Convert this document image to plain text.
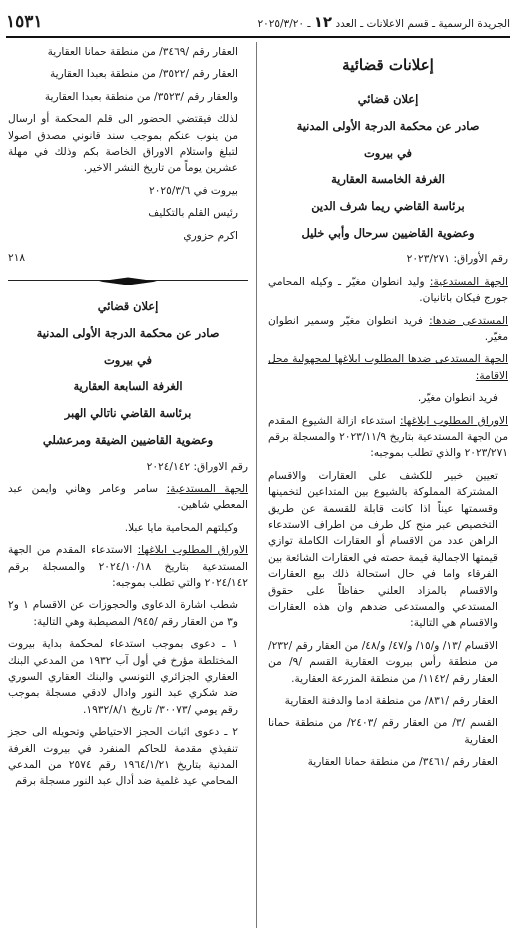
الجريدة الرسمية ـ قسم الاعلانات ـ العدد ١٢ ـ ٢٠٢٥/٣/٢٠
١٥٣١
إعلانات قضائية
إعلان قضائي
صادر عن محكمة الدرجة الأولى المدنية
في بيروت
الغرفة الخامسة العقارية
برئاسة القاضي ريما شرف الدين
وعضوية القاضيين سرحال وأبي خليل

رقم الأوراق: ٢٠٢٣/٢٧١

الجهة المستدعية: وليد انطوان مغيّر ـ وكيله المحامي جورج فيكان باتانيان.

المستدعى ضدها: فريد انطوان مغيّر وسمير انطوان مغيّر.

الجهة المستدعى ضدها المطلوب ابلاغها لمجهولية محل الاقامة:

فريد انطوان مغيّر.

الاوراق المطلوب ابلاغها: استدعاء ازالة الشيوع المقدم من الجهة المستدعية بتاريخ ٢٠٢٣/١١/٩ والمسجلة برقم ٢٠٢٣/٢٧١ والذي تطلب بموجبه:

تعيين خبير للكشف على العقارات والاقسام المشتركة المملوكة بالشيوع بين المتداعين لتخمينها وقسمتها عيناً اذا كانت قابلة للقسمة عن طريق التخصيص عبر منح كل طرف من اطراف الاستدعاء الراهن عدد من الاقسام أو العقارات الكاملة توازي قيمتها الاجمالية قيمة حصته في العقارات الشائعة بين الفرقاء واما في حال استحالة ذلك بيع العقارات والاقسام بالمزاد العلني حفاظاً على حقوق المستدعي والمستدعى ضدهم وان هذه العقارات والاقسام هي التالية:

الاقسام /١٣/ و/١٥/ و/٤٧/ و/٤٨/ من العقار رقم /٢٣٢/ من منطقة رأس بيروت العقارية القسم /٩/ من العقار رقم /١١٤٢/ من منطقة المزرعة العقارية.

العقار رقم /٨٣١/ من منطقة ادما والدفنة العقارية

القسم /٣/ من العقار رقم /٢٤٠٣/ من منطقة حمانا العقارية

العقار رقم /٣٤٦١/ من منطقة حمانا العقارية

العقار رقم /٣٤٦٩/ من منطقة حمانا العقارية

العقار رقم /٣٥٢٢/ من منطقة بعبدا العقارية

والعقار رقم /٣٥٢٣/ من منطقة بعبدا العقارية

لذلك فيقتضي الحضور الى قلم المحكمة أو ارسال من ينوب عنكم بموجب سند قانوني مصدق اصولا لتبلغ واستلام الاوراق الخاصة بكم وذلك في مهلة عشرين يوماً من تاريخ النشر الاخير.

بيروت في ٢٠٢٥/٣/٦

رئيس القلم بالتكليف

اكرم حزوري

٢١٨

إعلان قضائي
صادر عن محكمة الدرجة الأولى المدنية
في بيروت
الغرفة السابعة العقارية
برئاسة القاضي ناتالي الهبر
وعضوية القاضيين الضيقة ومرعشلي

رقم الاوراق: ٢٠٢٤/١٤٢

الجهة المستدعية: سامر وعامر وهاني وايمن عبد المعطي شاهين.

وكيلتهم المحامية مايا عبلا.

الاوراق المطلوب ابلاغها: الاستدعاء المقدم من الجهة المستدعية بتاريخ ٢٠٢٤/١٠/١٨ والمسجلة برقم ٢٠٢٤/١٤٢ والتي تطلب بموجبه:

شطب اشارة الدعاوى والحجوزات عن الاقسام ١ و٢ و٣ من العقار رقم /٩٤٥/ المصيطبة وهي التالية:

١ ـ دعوى بموجب استدعاء لمحكمة بداية بيروت المختلطة مؤرخ في أول آب ١٩٣٢ من المدعي البنك العقاري الجزائري التونسي والبنك العقاري السوري ضد شكري عبد النور وادال لادقي مسجلة بموجب رقم يومي /٣٠٠٧٣/ تاريخ ١٩٣٢/٨/١.

٢ ـ دعوى اثبات الحجز الاحتياطي وتحويله الى حجز تنفيذي مقدمة للحاكم المنفرد في بيروت الغرفة المدنية بتاريخ ١٩٦٤/١/٢١ رقم ٢٥٧٤ من المدعي المحامي عيد غلمية ضد أدال عبد النور مسجلة برقم
